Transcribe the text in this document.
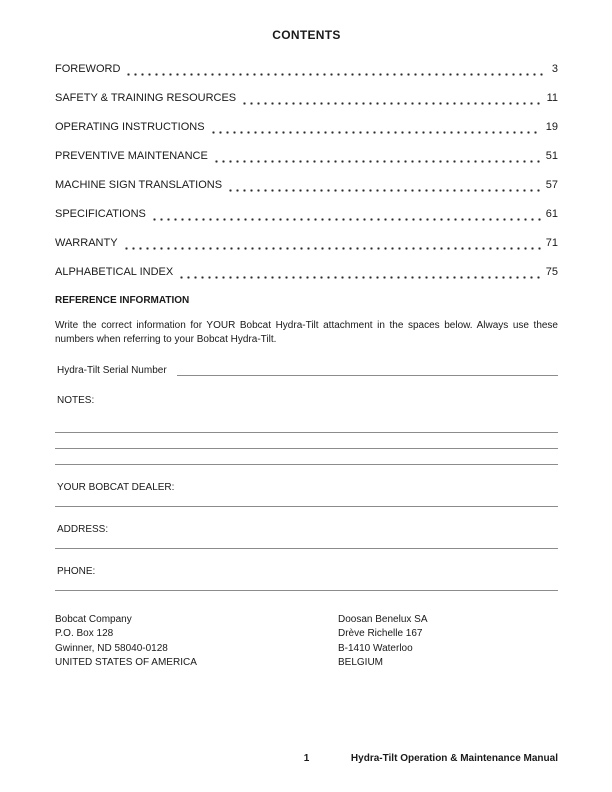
CONTENTS
FOREWORD	3
SAFETY & TRAINING RESOURCES	11
OPERATING INSTRUCTIONS	19
PREVENTIVE MAINTENANCE	51
MACHINE SIGN TRANSLATIONS	57
SPECIFICATIONS	61
WARRANTY	71
ALPHABETICAL INDEX	75
REFERENCE INFORMATION
Write the correct information for YOUR Bobcat Hydra-Tilt attachment in the spaces below. Always use these numbers when referring to your Bobcat Hydra-Tilt.
Hydra-Tilt Serial Number
NOTES:
YOUR BOBCAT DEALER:
ADDRESS:
PHONE:
Bobcat Company
P.O. Box 128
Gwinner, ND 58040-0128
UNITED STATES OF AMERICA
Doosan Benelux SA
Drève Richelle 167
B-1410 Waterloo
BELGIUM
1	Hydra-Tilt Operation & Maintenance Manual
